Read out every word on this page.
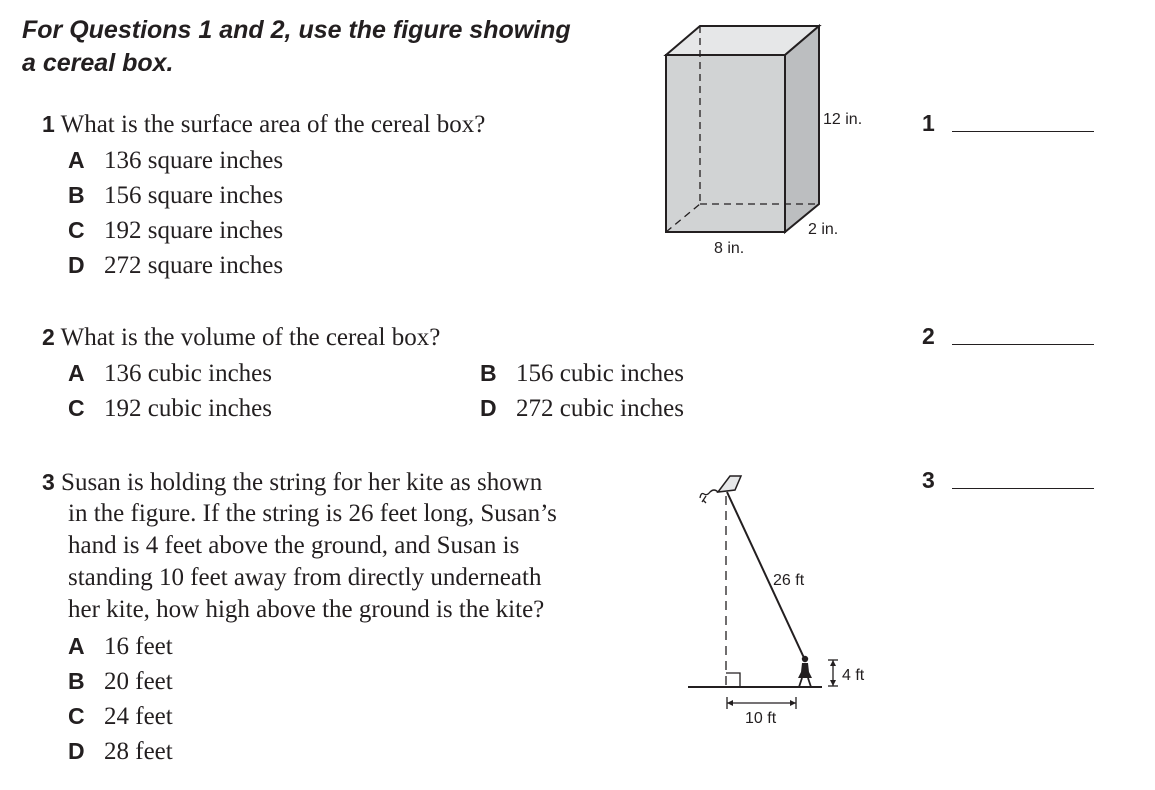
For Questions 1 and 2, use the figure showing a cereal box.
1 What is the surface area of the cereal box?
A 136 square inches
B 156 square inches
C 192 square inches
D 272 square inches
2 What is the volume of the cereal box?
A 136 cubic inches
C 192 cubic inches
B 156 cubic inches
D 272 cubic inches
3 Susan is holding the string for her kite as shown
in the figure. If the string is 26 feet long, Susan’s
hand is 4 feet above the ground, and Susan is
standing 10 feet away from directly underneath
her kite, how high above the ground is the kite?
A 16 feet
B 20 feet
C 24 feet
D 28 feet
1
2
3
12 in.
2 in.
8 in.
26 ft
4 ft
10 ft
